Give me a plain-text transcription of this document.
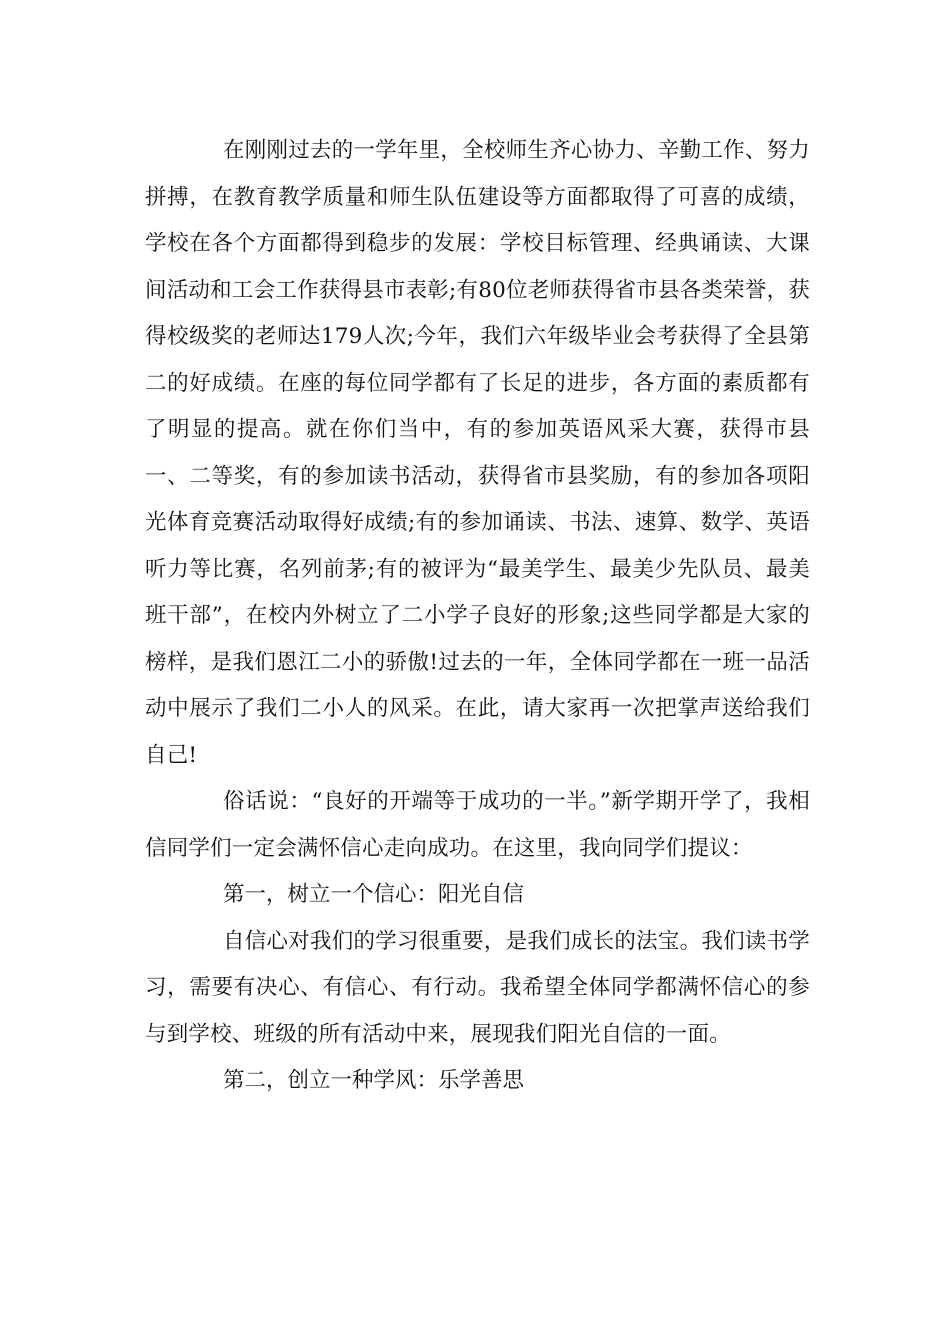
在刚刚过去的一学年里，全校师生齐心协力、辛勤工作、努力拼搏，在教育教学质量和师生队伍建设等方面都取得了可喜的成绩，学校在各个方面都得到稳步的发展：学校目标管理、经典诵读、大课间活动和工会工作获得县市表彰;有80位老师获得省市县各类荣誉，获得校级奖的老师达179人次;今年，我们六年级毕业会考获得了全县第二的好成绩。在座的每位同学都有了长足的进步，各方面的素质都有了明显的提高。就在你们当中，有的参加英语风采大赛，获得市县一、二等奖，有的参加读书活动，获得省市县奖励，有的参加各项阳光体育竞赛活动取得好成绩;有的参加诵读、书法、速算、数学、英语听力等比赛，名列前茅;有的被评为“最美学生、最美少先队员、最美班干部”，在校内外树立了二小学子良好的形象;这些同学都是大家的榜样，是我们恩江二小的骄傲!过去的一年，全体同学都在一班一品活动中展示了我们二小人的风采。在此，请大家再一次把掌声送给我们自己!

俗话说：“良好的开端等于成功的一半。”新学期开学了，我相信同学们一定会满怀信心走向成功。在这里，我向同学们提议：

第一，树立一个信心：阳光自信

自信心对我们的学习很重要，是我们成长的法宝。我们读书学习，需要有决心、有信心、有行动。我希望全体同学都满怀信心的参与到学校、班级的所有活动中来，展现我们阳光自信的一面。

第二，创立一种学风：乐学善思
